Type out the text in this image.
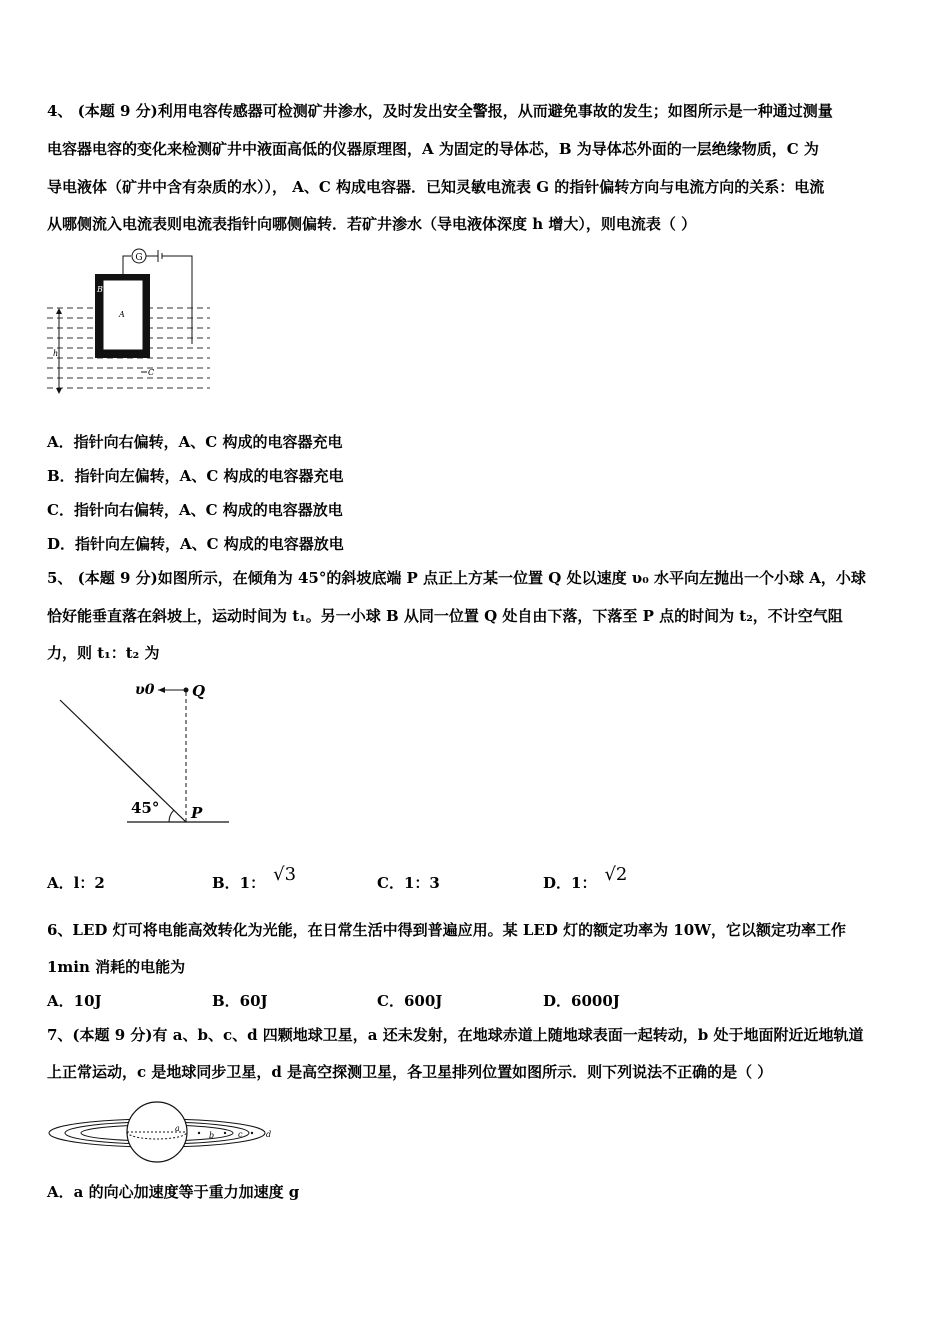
4、 (本题 9 分)利用电容传感器可检测矿井渗水，及时发出安全警报，从而避免事故的发生；如图所示是一种通过测量
电容器电容的变化来检测矿井中液面高低的仪器原理图，A 为固定的导体芯，B 为导体芯外面的一层绝缘物质，C 为
导电液体（矿井中含有杂质的水））， A、C 构成电容器．已知灵敏电流表 G 的指针偏转方向与电流方向的关系：电流
从哪侧流入电流表则电流表指针向哪侧偏转．若矿井渗水（导电液体深度 h 增大），则电流表（ ）
G
B
A
C
h
A．指针向右偏转，A、C 构成的电容器充电
B．指针向左偏转，A、C 构成的电容器充电
C．指针向右偏转，A、C 构成的电容器放电
D．指针向左偏转，A、C 构成的电容器放电
5、 (本题 9 分)如图所示，在倾角为 45°的斜坡底端 P 点正上方某一位置 Q 处以速度 υ₀ 水平向左抛出一个小球 A，小球
恰好能垂直落在斜坡上，运动时间为 t₁。另一小球 B 从同一位置 Q 处自由下落，下落至 P 点的时间为 t₂，不计空气阻
力，则 t₁：t₂ 为
υ0	Q
P
45°
A．l：2	B．1： √3	C．1：3	D．1： √2
6、LED 灯可将电能高效转化为光能，在日常生活中得到普遍应用。某 LED 灯的额定功率为 10W，它以额定功率工作
1min 消耗的电能为
A．10J	B．60J	C．600J	D．6000J
7、(本题 9 分)有 a、b、c、d 四颗地球卫星，a 还未发射，在地球赤道上随地球表面一起转动，b 处于地面附近近地轨道
上正常运动，c 是地球同步卫星，d 是高空探测卫星，各卫星排列位置如图所示．则下列说法不正确的是（ ）
a
b	c	d
A．a 的向心加速度等于重力加速度 g
